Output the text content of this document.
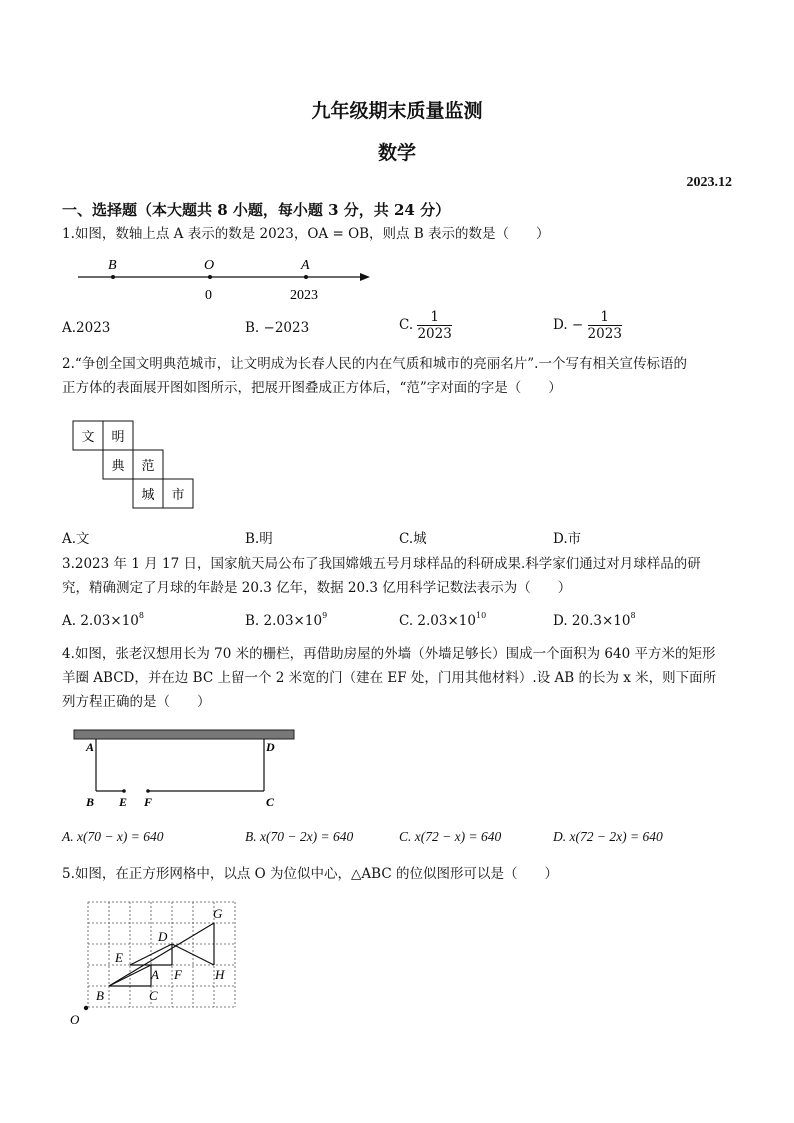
九年级期末质量监测
数学
2023.12
一、选择题（本大题共 8 小题，每小题 3 分，共 24 分）
1.如图，数轴上点 A 表示的数是 2023，OA = OB，则点 B 表示的数是（　　）
B	O	A
0	2023
A.2023	B. −2023	C. $\frac{1}{2023}$	D. − $\frac{1}{2023}$
2.“争创全国文明典范城市，让文明成为长春人民的内在气质和城市的亮丽名片”.一个写有相关宣传标语的
正方体的表面展开图如图所示，把展开图叠成正方体后，“范”字对面的字是（　　）
文 明
典 范
城 市
A.文	B.明	C.城	D.市
3.2023 年 1 月 17 日，国家航天局公布了我国嫦娥五号月球样品的科研成果.科学家们通过对月球样品的研
究，精确测定了月球的年龄是 20.3 亿年，数据 20.3 亿用科学记数法表示为（　　）
A. $2.03\times 10^8$	B. $2.03\times 10^9$	C. $2.03\times 10^{10}$	D. $20.3\times 10^8$
4.如图，张老汉想用长为 70 米的栅栏，再借助房屋的外墙（外墙足够长）围成一个面积为 640 平方米的矩形
羊圈 ABCD，并在边 BC 上留一个 2 米宽的门（建在 EF 处，门用其他材料）.设 AB 的长为 x 米，则下面所
列方程正确的是（　　）
A	D
B E F	C
A. x(70 − x) = 640	B. x(70 − 2x) = 640	C. x(72 − x) = 640	D. x(72 − 2x) = 640
5.如图，在正方形网格中，以点 O 为位似中心，△ABC 的位似图形可以是（　　）
G
D
E
A F	H
B	C
O
